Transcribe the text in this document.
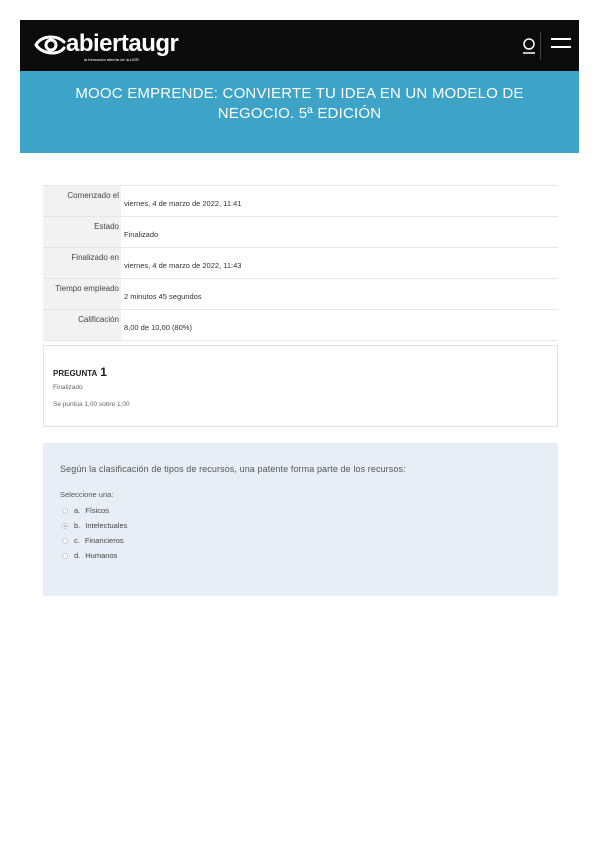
abiertaugr
la formación abierta de la UGR
MOOC EMPRENDE: CONVIERTE TU IDEA EN UN MODELO DE NEGOCIO. 5ª EDICIÓN
Comenzado el
viernes, 4 de marzo de 2022, 11:41
Estado
Finalizado
Finalizado en
viernes, 4 de marzo de 2022, 11:43
Tiempo empleado
2 minutos 45 segundos
Calificación
8,00 de 10,00 (80%)
PREGUNTA 1
Finalizado
Se puntúa 1,00 sobre 1,00
Según la clasificación de tipos de recursos, una patente forma parte de los recursos:
Seleccione una:
a. Físicos
b. Intelectuales
c. Financieros
d. Humanos
